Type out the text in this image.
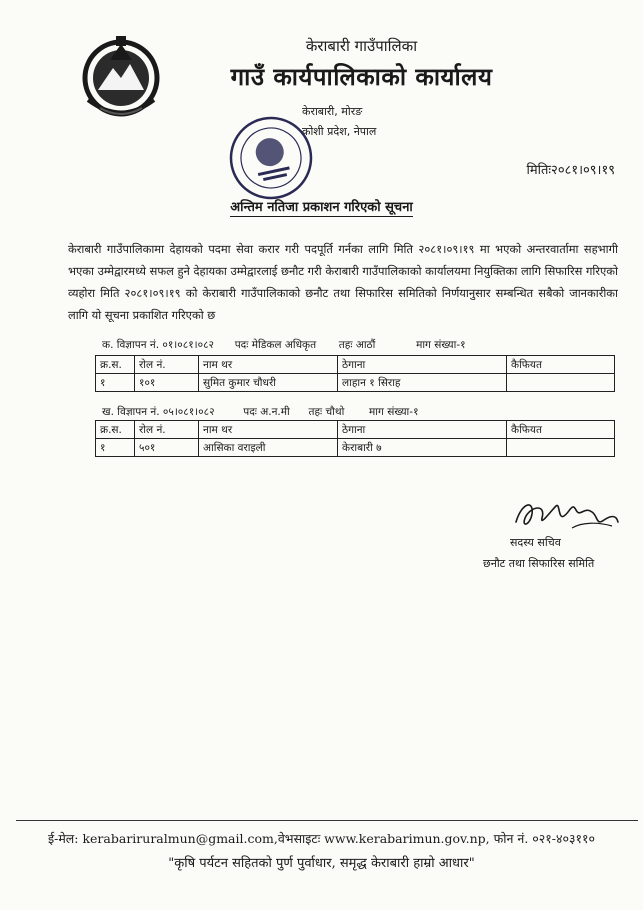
केराबारी गाउँपालिका
गाउँ कार्यपालिकाको कार्यालय
केराबारी, मोरङ
कोशी प्रदेश, नेपाल
मितिः२०८१।०९।१९
अन्तिम नतिजा प्रकाशन गरिएको सूचना
केराबारी गाउँपालिकामा देहायको पदमा सेवा करार गरी पदपूर्ति गर्नका लागि मिति २०८१।०९।१९ मा भएको अन्तरवार्तामा सहभागी भएका उम्मेद्वारमध्ये सफल हुने देहायका उम्मेद्वारलाई छनौट गरी केराबारी गाउँपालिकाको कार्यालयमा नियुक्तिका लागि सिफारिस गरिएको व्यहोरा मिति २०८१।०९।१९ को केराबारी गाउँपालिकाको छनौट तथा सिफारिस समितिको निर्णयानुसार सम्बन्धित सबैको जानकारीका लागि यो सूचना प्रकाशित गरिएको छ
क. विज्ञापन नं. ०१।०८१।०८२ पदः मेडिकल अधिकृत तहः आठौं	माग संख्या-१
क्र.स.	रोल नं.	नाम थर	ठेगाना	कैफियत
१	१०१	सुमित कुमार चौधरी	लाहान १ सिराह	
ख. विज्ञापन नं. ०५।०८१।०८२	पदः अ.न.मी तहः चौथो माग संख्या-१
क्र.स.	रोल नं.	नाम थर	ठेगाना	कैफियत
१	५०१	आसिका वराइली	केराबारी ७	
सदस्य सचिव
छनौट तथा सिफारिस समिति
ई-मेल: kerabariruralmun@gmail.com,वेभसाइटः www.kerabarimun.gov.np, फोन नं. ०२१-४०३११०
"कृषि पर्यटन सहितको पुर्ण पुर्वाधार, समृद्ध केराबारी हाम्रो आधार"
